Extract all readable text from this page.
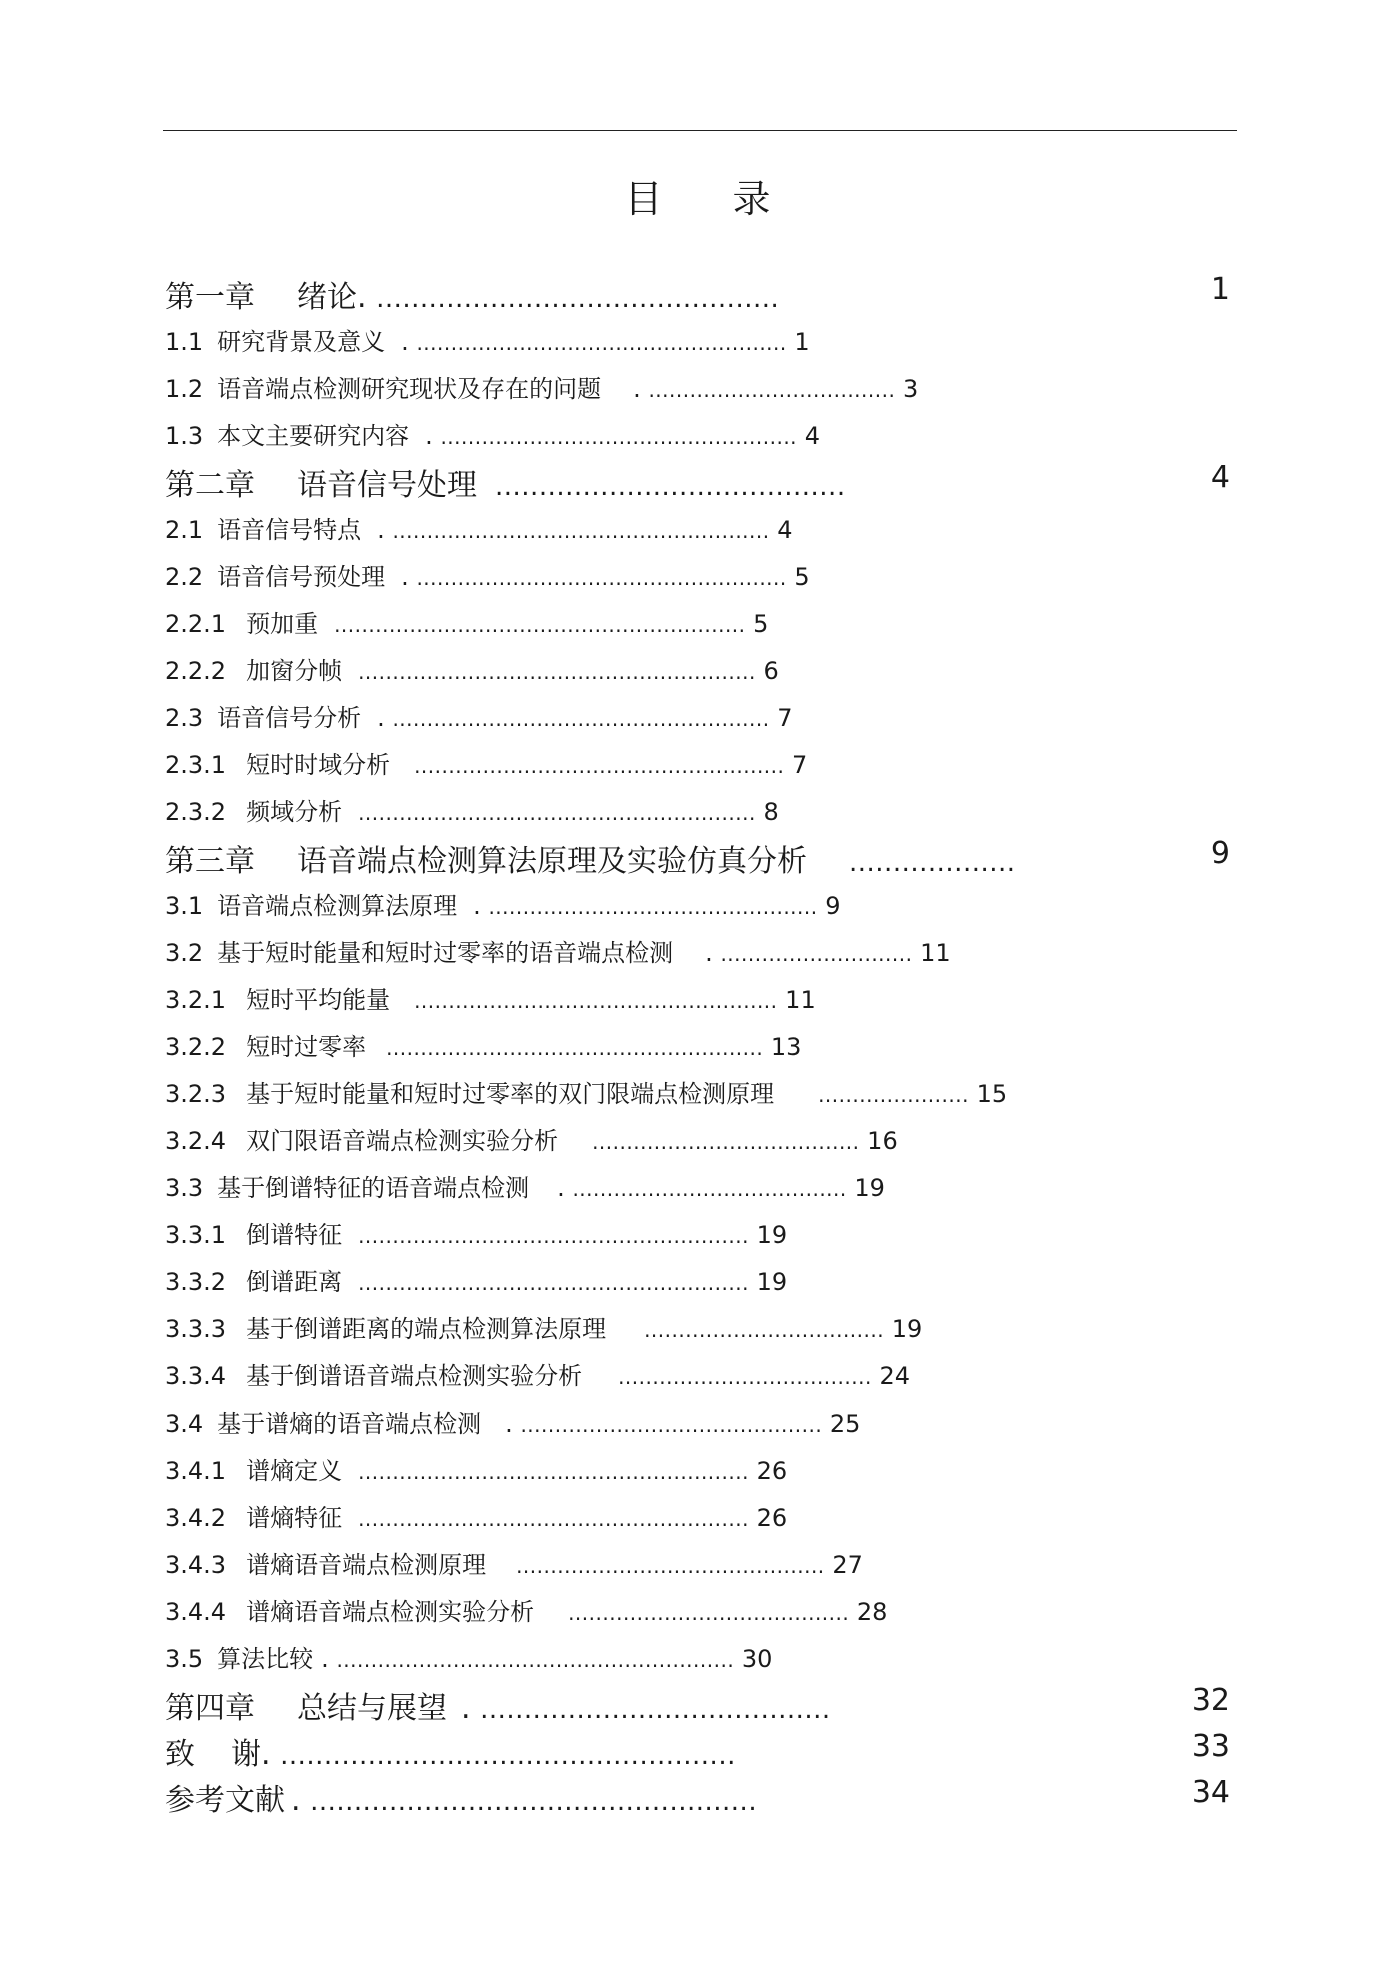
目 录
第一章 绪论. ..............................................	1
1.1 研究背景及意义 . ...................................................... 1
1.2 语音端点检测研究现状及存在的问题 . .................................... 3
1.3 本文主要研究内容 . .................................................... 4
第二章 语音信号处理 ........................................	4
2.1 语音信号特点 . ....................................................... 4
2.2 语音信号预处理 . ...................................................... 5
2.2.1 预加重 ............................................................ 5
2.2.2 加窗分帧 .......................................................... 6
2.3 语音信号分析 . ....................................................... 7
2.3.1 短时时域分析 ...................................................... 7
2.3.2 频域分析 .......................................................... 8
第三章 语音端点检测算法原理及实验仿真分析 ...................	9
3.1 语音端点检测算法原理 . ................................................ 9
3.2 基于短时能量和短时过零率的语音端点检测 . ............................ 11
3.2.1 短时平均能量 ..................................................... 11
3.2.2 短时过零率 ....................................................... 13
3.2.3 基于短时能量和短时过零率的双门限端点检测原理 ...................... 15
3.2.4 双门限语音端点检测实验分析 ....................................... 16
3.3 基于倒谱特征的语音端点检测 . ........................................ 19
3.3.1 倒谱特征 ......................................................... 19
3.3.2 倒谱距离 ......................................................... 19
3.3.3 基于倒谱距离的端点检测算法原理 ................................... 19
3.3.4 基于倒谱语音端点检测实验分析 ..................................... 24
3.4 基于谱熵的语音端点检测 . ............................................ 25
3.4.1 谱熵定义 ......................................................... 26
3.4.2 谱熵特征 ......................................................... 26
3.4.3 谱熵语音端点检测原理 ............................................. 27
3.4.4 谱熵语音端点检测实验分析 ......................................... 28
3.5 算法比较 . .......................................................... 30
第四章 总结与展望 . ........................................	32
致 谢. ....................................................	33
参考文献 . ...................................................	34
